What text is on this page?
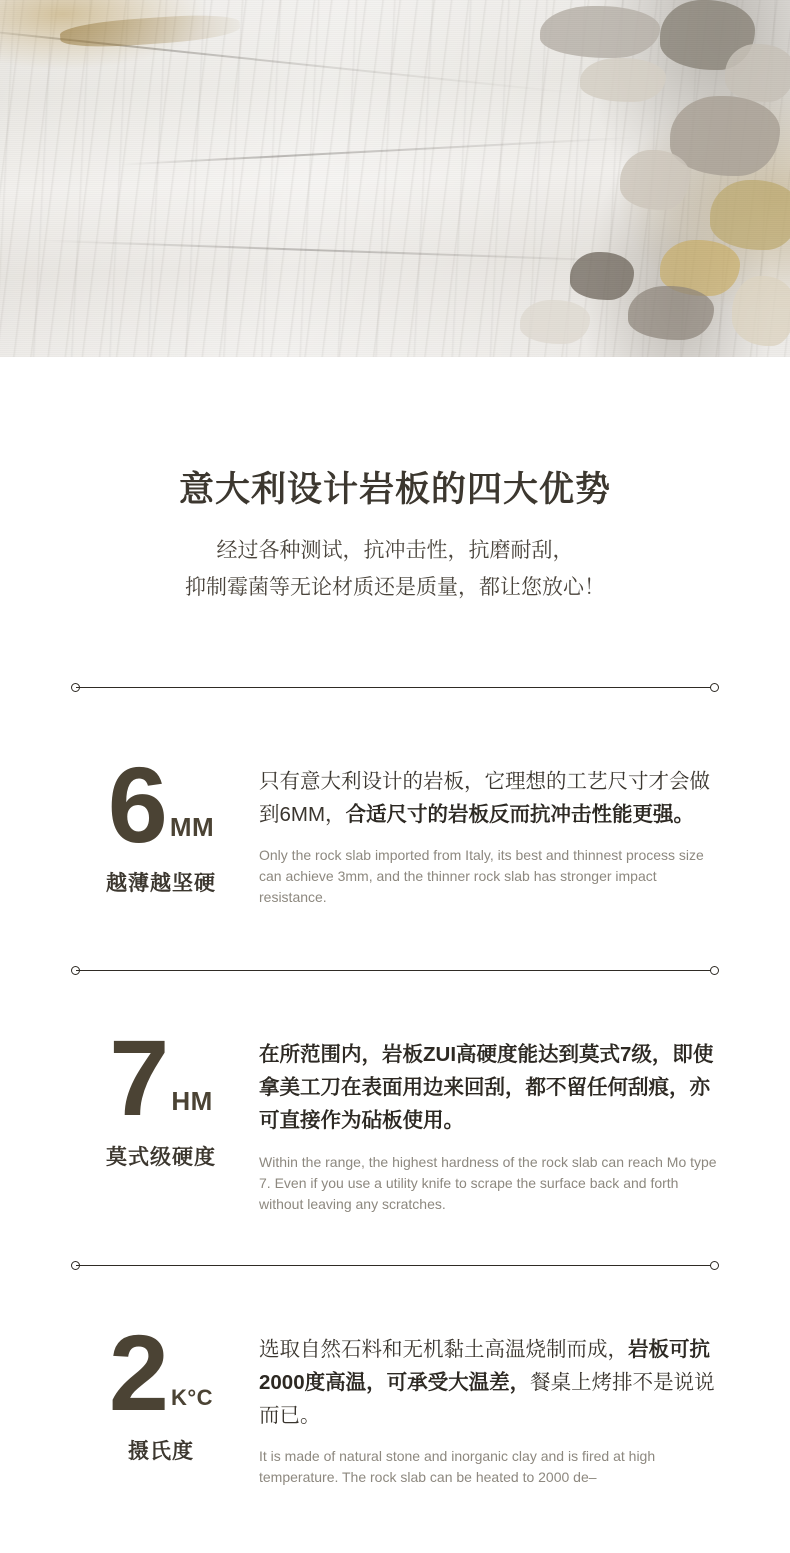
意大利设计岩板的四大优势
经过各种测试，抗冲击性，抗磨耐刮，
抑制霉菌等无论材质还是质量，都让您放心！
6 MM
越薄越坚硬
只有意大利设计的岩板，它理想的工艺尺寸才会做到6MM，合适尺寸的岩板反而抗冲击性能更强。
Only the rock slab imported from Italy, its best and thinnest process size can achieve 3mm, and the thinner rock slab has stronger impact resistance.
7 HM
莫式级硬度
在所范围内，岩板ZUI高硬度能达到莫式7级，即使拿美工刀在表面用边来回刮，都不留任何刮痕，亦可直接作为砧板使用。
Within the range, the highest hardness of the rock slab can reach Mo type 7. Even if you use a utility knife to scrape the surface back and forth without leaving any scratches.
2 K°C
摄氏度
选取自然石料和无机黏土高温烧制而成，岩板可抗2000度高温，可承受大温差，餐桌上烤排不是说说而已。
It is made of natural stone and inorganic clay and is fired at high temperature. The rock slab can be heated to 2000 de–
